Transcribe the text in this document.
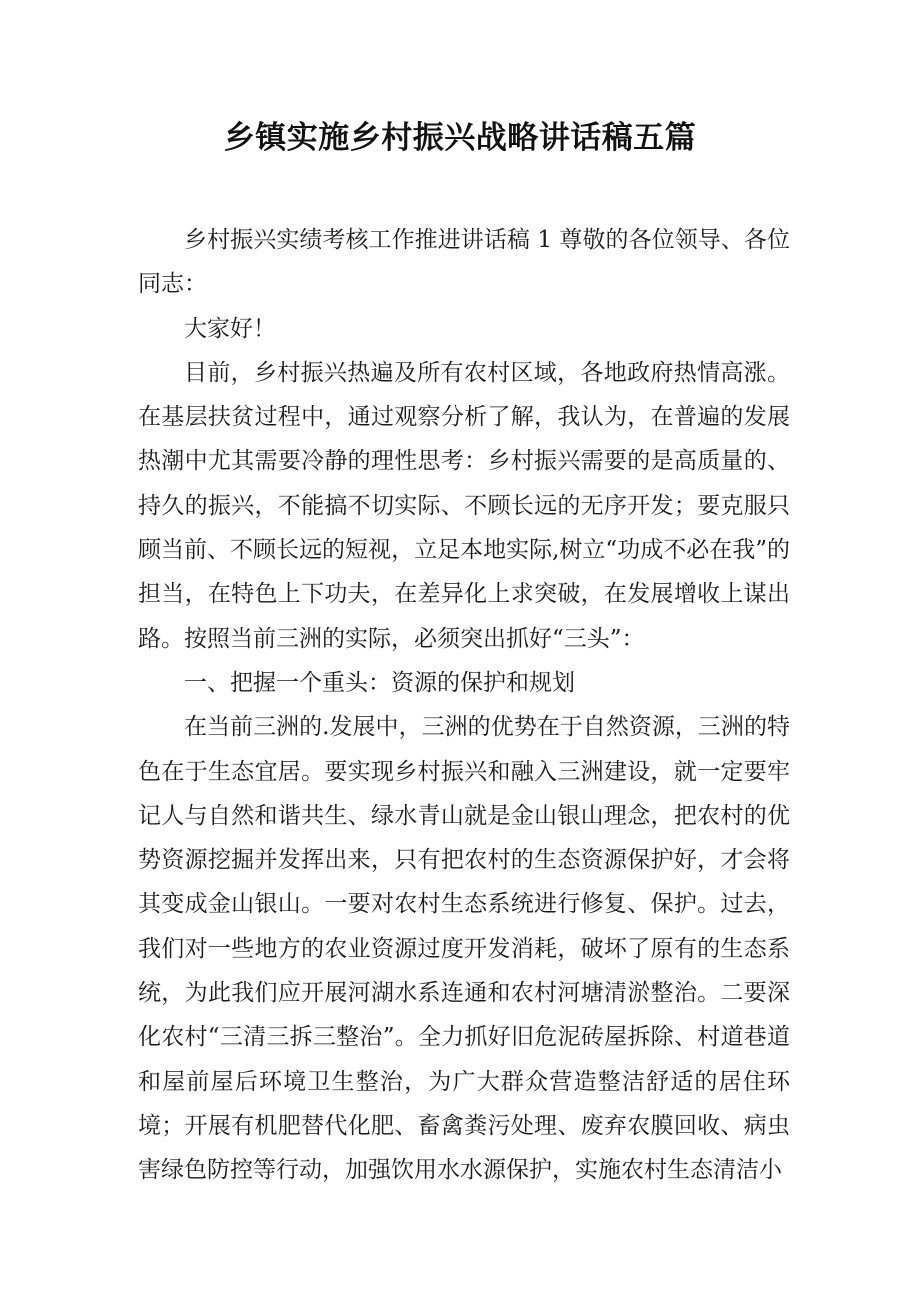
乡镇实施乡村振兴战略讲话稿五篇

乡村振兴实绩考核工作推进讲话稿 1 尊敬的各位领导、各位同志：

大家好！

目前，乡村振兴热遍及所有农村区域，各地政府热情高涨。在基层扶贫过程中，通过观察分析了解，我认为，在普遍的发展热潮中尤其需要冷静的理性思考：乡村振兴需要的是高质量的、持久的振兴，不能搞不切实际、不顾长远的无序开发；要克服只顾当前、不顾长远的短视，立足本地实际,树立“功成不必在我”的担当，在特色上下功夫，在差异化上求突破，在发展增收上谋出路。按照当前三洲的实际，必须突出抓好“三头”：

一、把握一个重头：资源的保护和规划

在当前三洲的.发展中，三洲的优势在于自然资源，三洲的特色在于生态宜居。要实现乡村振兴和融入三洲建设，就一定要牢记人与自然和谐共生、绿水青山就是金山银山理念，把农村的优势资源挖掘并发挥出来，只有把农村的生态资源保护好，才会将其变成金山银山。一要对农村生态系统进行修复、保护。过去，我们对一些地方的农业资源过度开发消耗，破坏了原有的生态系统，为此我们应开展河湖水系连通和农村河塘清淤整治。二要深化农村“三清三拆三整治”。全力抓好旧危泥砖屋拆除、村道巷道和屋前屋后环境卫生整治，为广大群众营造整洁舒适的居住环境；开展有机肥替代化肥、畜禽粪污处理、废弃农膜回收、病虫害绿色防控等行动，加强饮用水水源保护，实施农村生态清洁小
